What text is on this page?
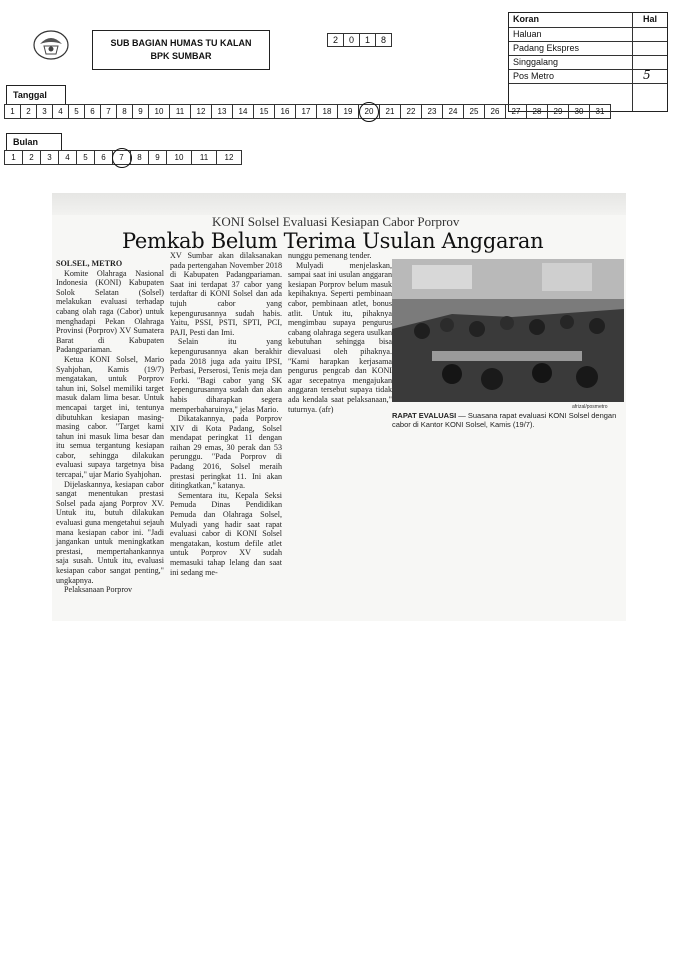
SUB BAGIAN HUMAS TU KALAN
BPK SUMBAR
2	0	1	8
Koran	Hal
Haluan
Padang Ekspres
Singgalang
Pos Metro	5
Tanggal
1	2	3	4	5	6	7	8	9	10	11	12	13	14	15	16	17	18	19	20	21	22	23	24	25	26	27	28	29	30	31
Bulan
1	2	3	4	5	6	7	8	9	10	11	12
KONI Solsel Evaluasi Kesiapan Cabor Porprov
Pemkab Belum Terima Usulan Anggaran

SOLSEL, METRO

Komite Olahraga Nasional Indonesia (KONI) Kabupaten Solok Selatan (Solsel) melakukan evaluasi terhadap cabang olah raga (Cabor) untuk menghadapi Pekan Olahraga Provinsi (Porprov) XV Sumatera Barat di Kabupaten Padangpariaman.

Ketua KONI Solsel, Mario Syahjohan, Kamis (19/7) mengatakan, untuk Porprov tahun ini, Solsel memiliki target masuk dalam lima besar. Untuk mencapai target ini, tentunya dibutuhkan kesiapan masing-masing cabor. "Target kami tahun ini masuk lima besar dan itu semua tergantung kesiapan cabor, sehingga dilakukan evaluasi supaya targetnya bisa tercapai," ujar Mario Syahjohan.

Dijelaskannya, kesiapan cabor sangat menentukan prestasi Solsel pada ajang Porprov XV. Untuk itu, butuh dilakukan evaluasi guna mengetahui sejauh mana kesiapan cabor ini. "Jadi jangankan untuk meningkatkan prestasi, mempertahankannya saja susah. Untuk itu, evaluasi kesiapan cabor sangat penting," ungkapnya.

Pelaksanaan Porprov

XV Sumbar akan dilaksanakan pada pertengahan November 2018 di Kabupaten Padangpariaman. Saat ini terdapat 37 cabor yang terdaftar di KONI Solsel dan ada tujuh cabor yang kepengurusannya sudah habis. Yaitu, PSSI, PSTI, SPTI, PCI, PAJI, Pesti dan Imi.

Selain itu yang kepengurusannya akan berakhir pada 2018 juga ada yaitu IPSI, Perbasi, Perserosi, Tenis meja dan Forki. "Bagi cabor yang SK kepengurusannya sudah dan akan habis diharapkan segera memperbaharuinya," jelas Mario.

Dikatakannya, pada Porprov XIV di Kota Padang, Solsel mendapat peringkat 11 dengan raihan 29 emas, 30 perak dan 53 perunggu. "Pada Porprov di Padang 2016, Solsel meraih prestasi peringkat 11. Ini akan ditingkatkan," katanya.

Sementara itu, Kepala Seksi Pemuda Dinas Pendidikan Pemuda dan Olahraga Solsel, Mulyadi yang hadir saat rapat evaluasi cabor di KONI Solsel mengatakan, kostum defile atlet untuk Porprov XV sudah memasuki tahap lelang dan saat ini sedang me-

nunggu pemenang tender.

Mulyadi menjelaskan, sampai saat ini usulan anggaran kesiapan Porprov belum masuk kepihaknya. Seperti pembinaan cabor, pembinaan atlet, bonus atlit. Untuk itu, pihaknya mengimbau supaya pengurus cabang olahraga segera usulkan kebutuhan sehingga bisa dievaluasi oleh pihaknya. "Kami harapkan kerjasama pengurus pengcab dan KONI agar secepatnya mengajukan anggaran tersebut supaya tidak ada kendala saat pelaksanaan," tuturnya. (afr)	afrizal/posmetro
RAPAT EVALUASI — Suasana rapat evaluasi KONI Solsel dengan cabor di Kantor KONI Solsel, Kamis (19/7).
